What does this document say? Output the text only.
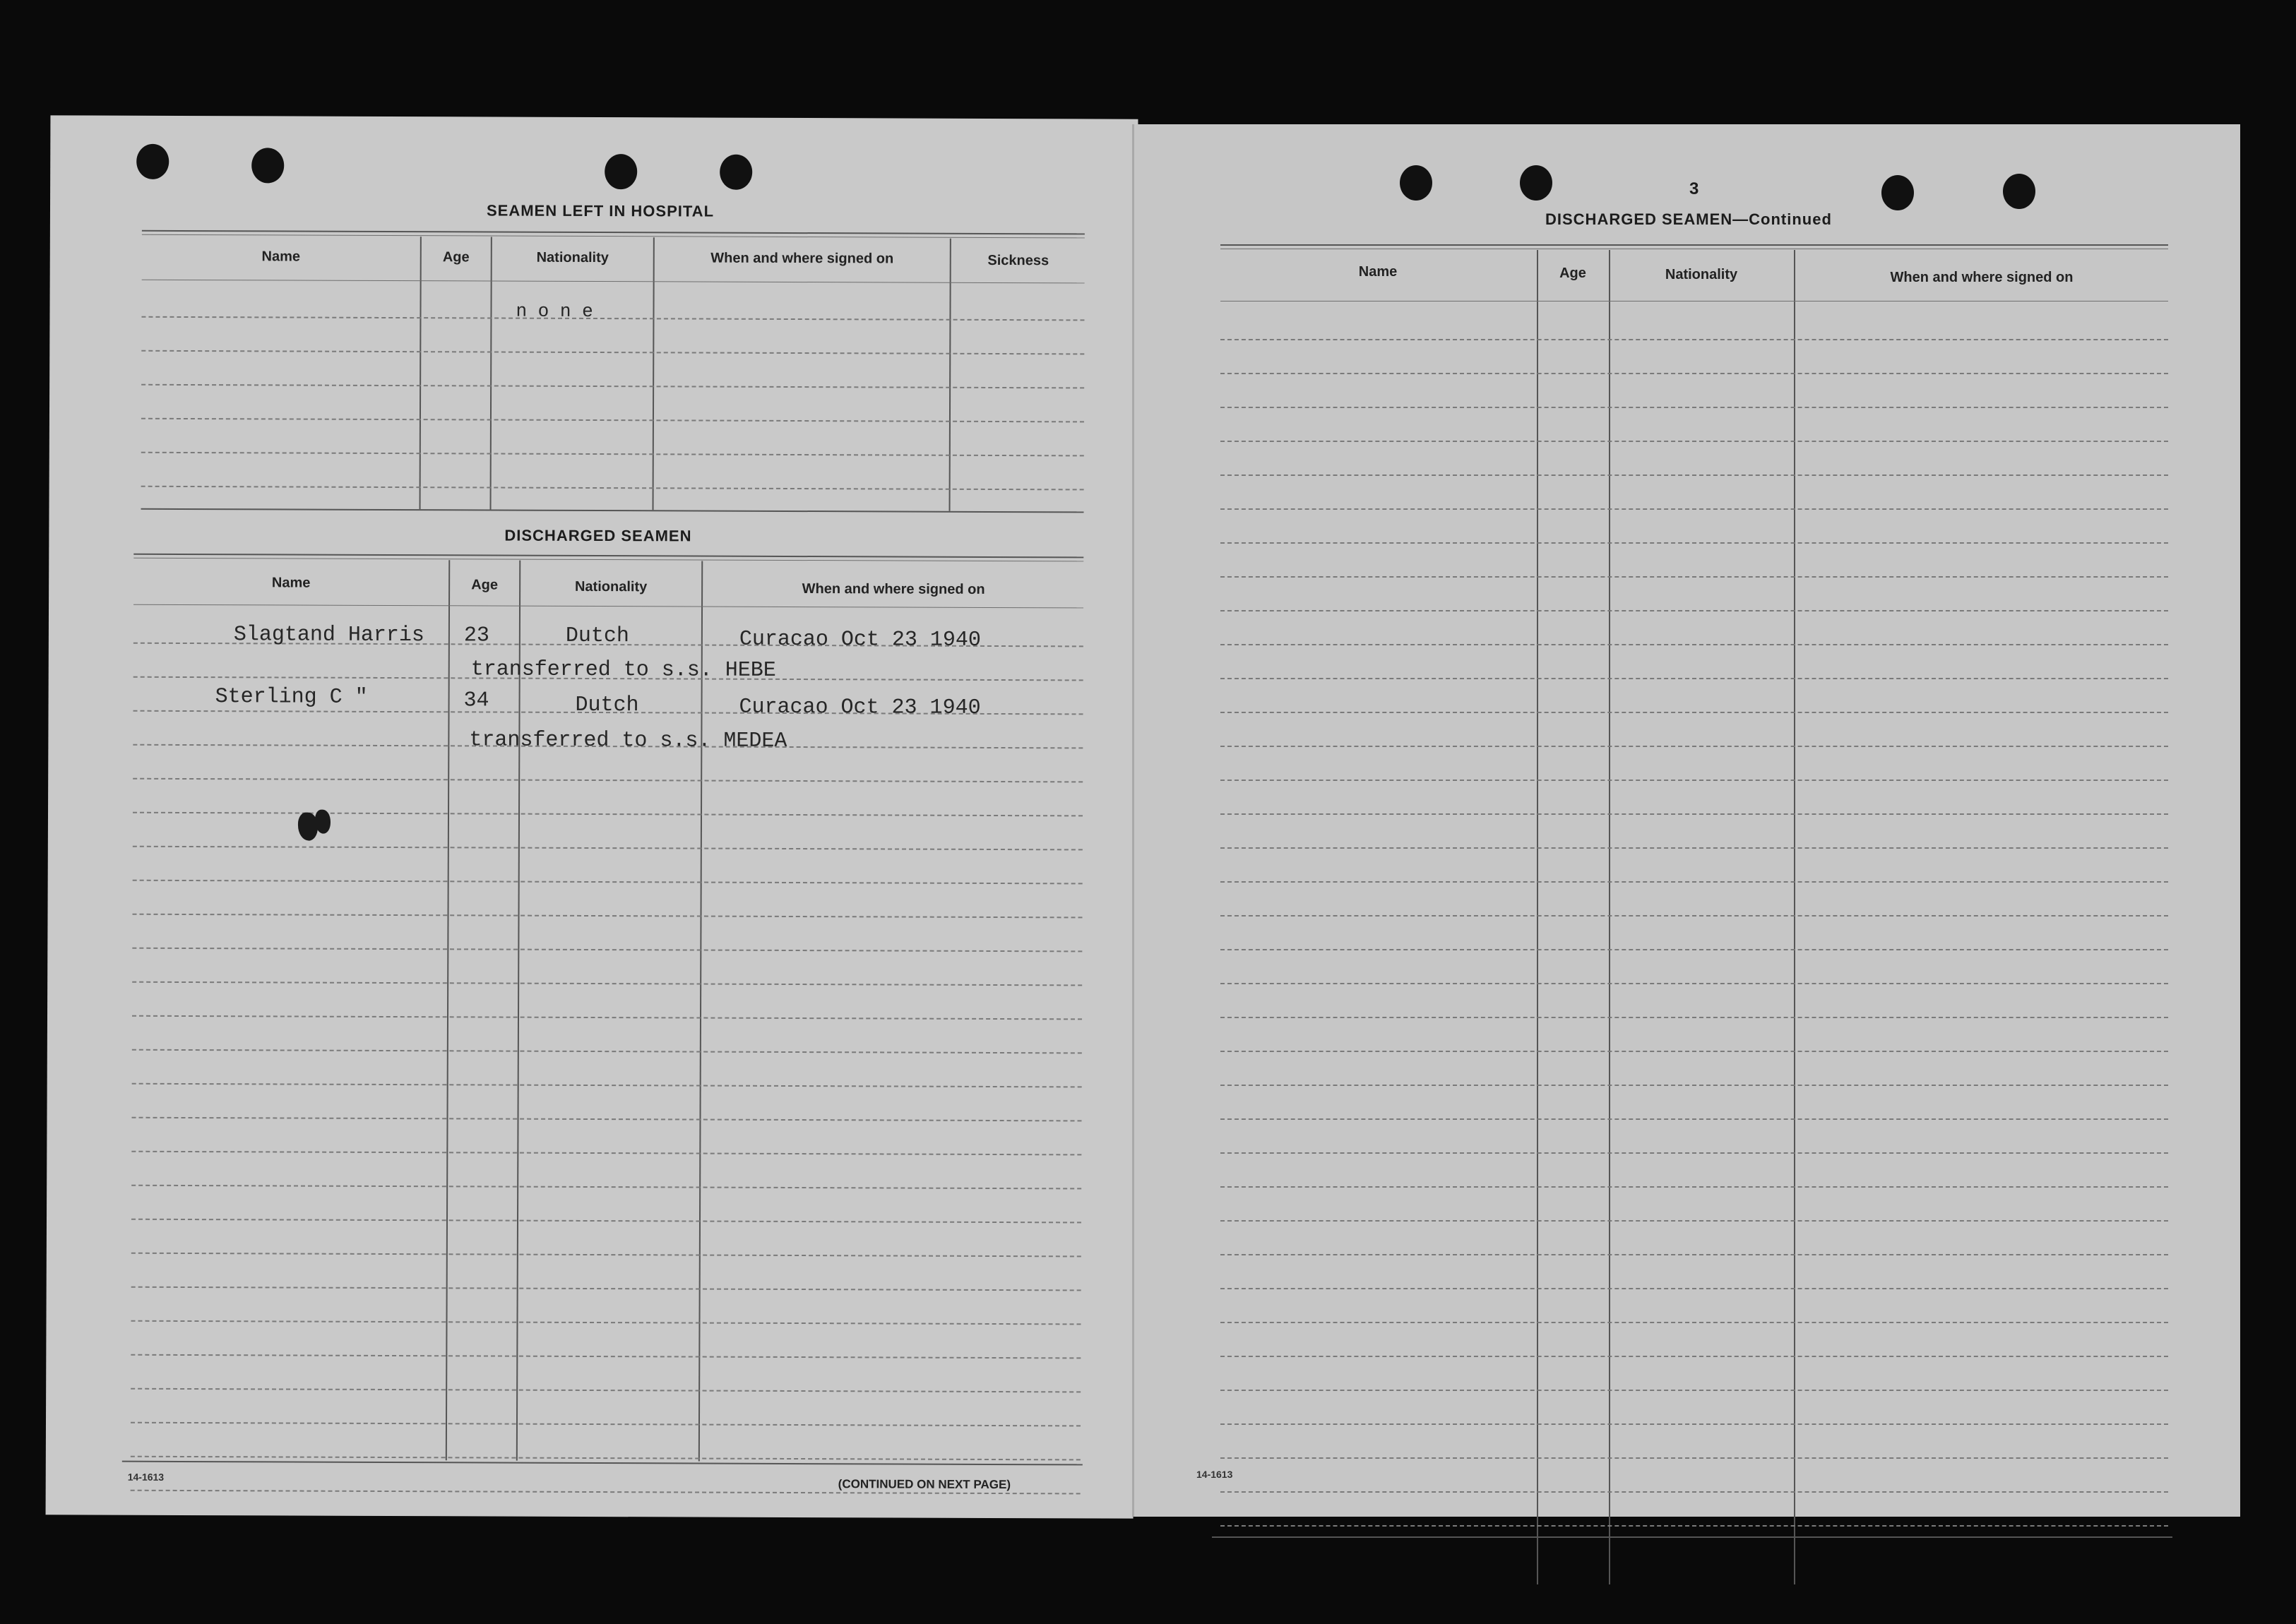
SEAMEN LEFT IN HOSPITAL
Name	Age	Nationality	When and where signed on	Sickness
n o n e
DISCHARGED SEAMEN
Name	Age	Nationality	When and where signed on
Slagtand Harris 23	Dutch	Curacao Oct 23 1940
transferred to s.s. HEBE
Sterling C "	34	Dutch	Curacao Oct 23 1940
transferred to s.s. MEDEA
14-1613
(CONTINUED ON NEXT PAGE)
3
DISCHARGED SEAMEN—Continued
Name	Age	Nationality	When and where signed on
14-1613
